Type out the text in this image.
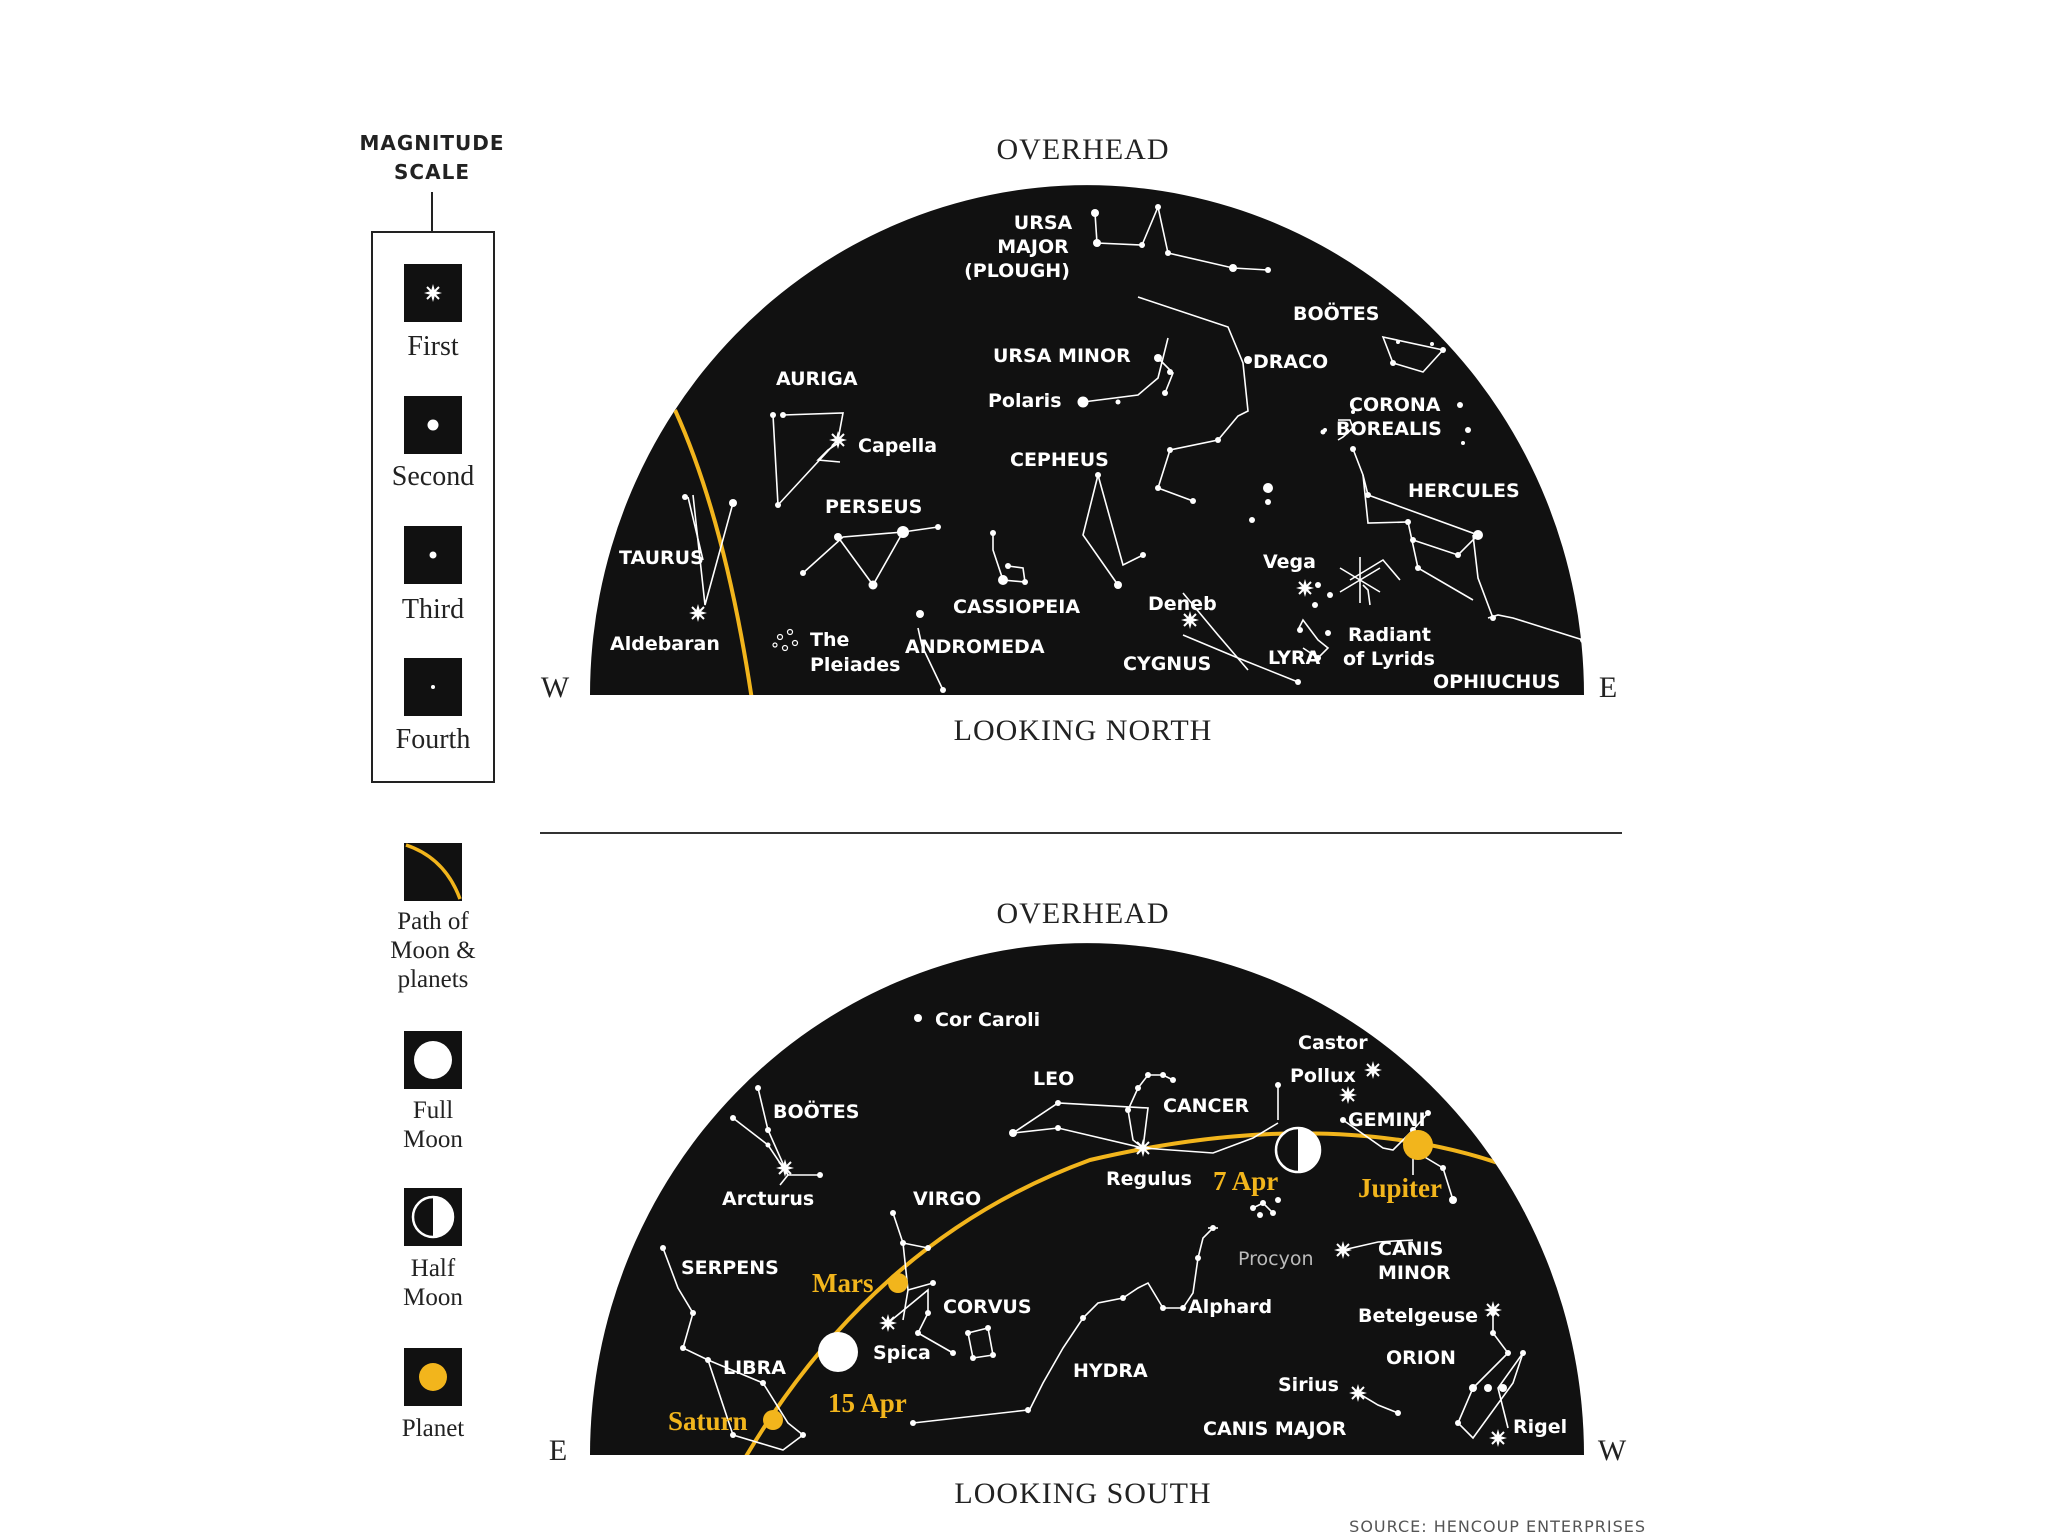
MAGNITUDE
SCALE
First
Second
Third
Fourth
Path of
Moon &
planets
Full
Moon
Half
Moon
Planet
OVERHEAD
W	E
LOOKING NORTH
URSA
MAJOR
(PLOUGH)
BOÖTES
URSA MINOR	DRACO
Polaris
AURIGA
Capella
CORONA
BOREALIS
CEPHEUS
PERSEUS
HERCULES
TAURUS	Vega
CASSIOPEIA	Deneb
Aldebaran	The
Pleiades
ANDROMEDA
CYGNUS	LYRA
Radiant
of Lyrids
OPHIUCHUS
OVERHEAD
E	W
LOOKING SOUTH
Cor Caroli
Castor
Pollux
LEO
CANCER
GEMINI
BOÖTES
Regulus
Arcturus	VIRGO
Procyon	CANIS
MINOR
SERPENS
Alphard	Betelgeuse
CORVUS
ORION
Spica
LIBRA	HYDRA
Sirius
CANIS MAJOR	Rigel
7 Apr	Jupiter
Mars
15 Apr
Saturn
SOURCE: HENCOUP ENTERPRISES
